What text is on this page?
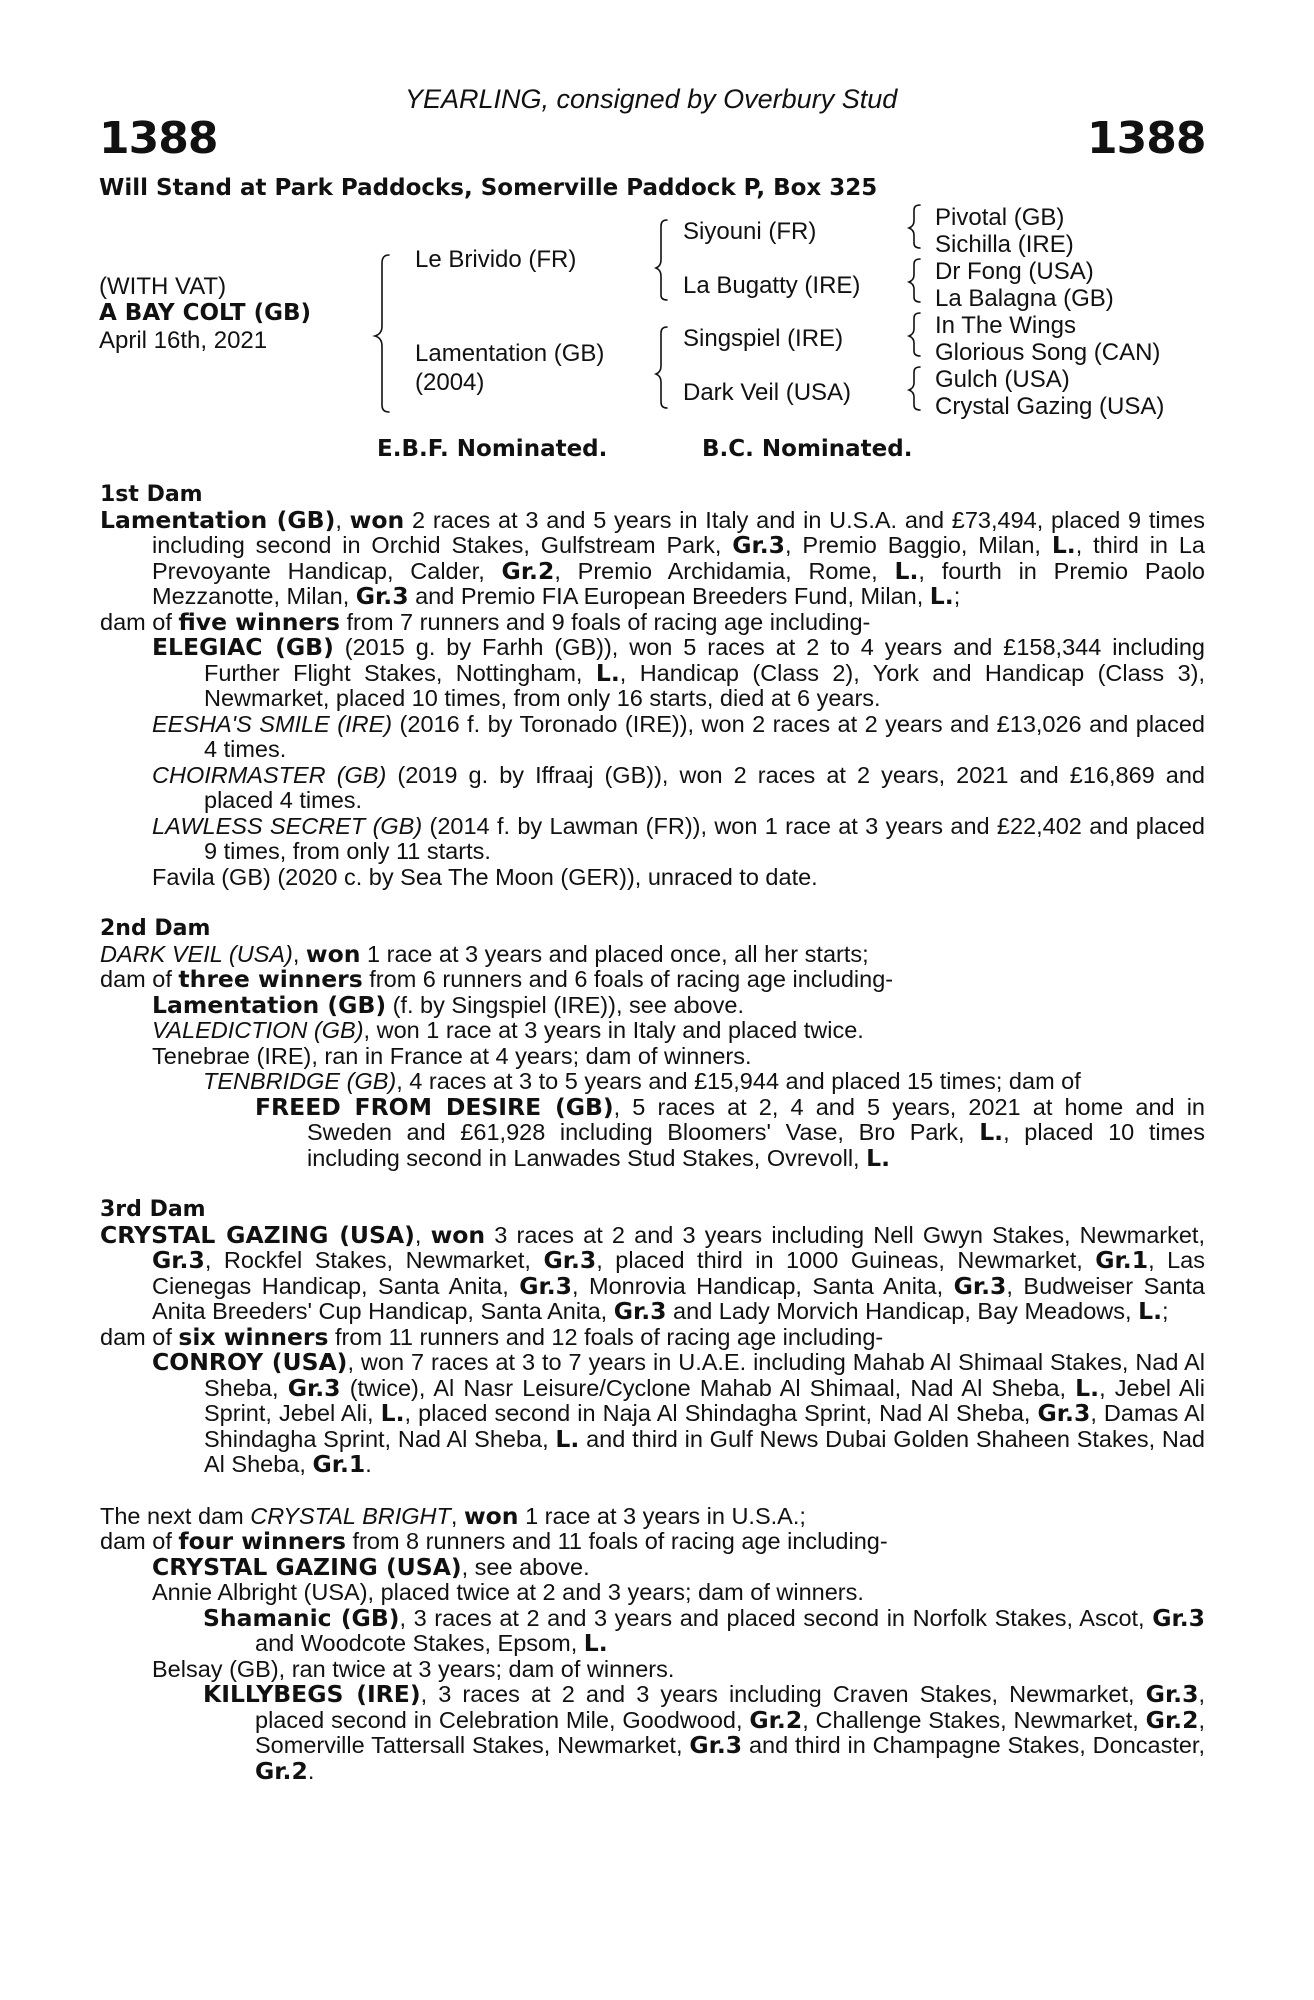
YEARLING, consigned by Overbury Stud
1388	1388
Will Stand at Park Paddocks, Somerville Paddock P, Box 325
(WITH VAT)
A BAY COLT (GB)
April 16th, 2021
Le Brivido (FR)
Lamentation (GB)
(2004)
Siyouni (FR)
La Bugatty (IRE)
Singspiel (IRE)
Dark Veil (USA)
Pivotal (GB)
Sichilla (IRE)
Dr Fong (USA)
La Balagna (GB)
In The Wings
Glorious Song (CAN)
Gulch (USA)
Crystal Gazing (USA)
E.B.F. Nominated.	B.C. Nominated.
1st Dam

Lamentation (GB), won 2 races at 3 and 5 years in Italy and in U.S.A. and £73,494, placed 9 times including second in Orchid Stakes, Gulfstream Park, Gr.3, Premio Baggio, Milan, L., third in La Prevoyante Handicap, Calder, Gr.2, Premio Archidamia, Rome, L., fourth in Premio Paolo Mezzanotte, Milan, Gr.3 and Premio FIA European Breeders Fund, Milan, L.;

dam of five winners from 7 runners and 9 foals of racing age including-

ELEGIAC (GB) (2015 g. by Farhh (GB)), won 5 races at 2 to 4 years and £158,344 including Further Flight Stakes, Nottingham, L., Handicap (Class 2), York and Handicap (Class 3), Newmarket, placed 10 times, from only 16 starts, died at 6 years.

EESHA'S SMILE (IRE) (2016 f. by Toronado (IRE)), won 2 races at 2 years and £13,026 and placed 4 times.

CHOIRMASTER (GB) (2019 g. by Iffraaj (GB)), won 2 races at 2 years, 2021 and £16,869 and placed 4 times.

LAWLESS SECRET (GB) (2014 f. by Lawman (FR)), won 1 race at 3 years and £22,402 and placed 9 times, from only 11 starts.

Favila (GB) (2020 c. by Sea The Moon (GER)), unraced to date.

2nd Dam

DARK VEIL (USA), won 1 race at 3 years and placed once, all her starts;

dam of three winners from 6 runners and 6 foals of racing age including-

Lamentation (GB) (f. by Singspiel (IRE)), see above.

VALEDICTION (GB), won 1 race at 3 years in Italy and placed twice.

Tenebrae (IRE), ran in France at 4 years; dam of winners.

TENBRIDGE (GB), 4 races at 3 to 5 years and £15,944 and placed 15 times; dam of

FREED FROM DESIRE (GB), 5 races at 2, 4 and 5 years, 2021 at home and in Sweden and £61,928 including Bloomers' Vase, Bro Park, L., placed 10 times including second in Lanwades Stud Stakes, Ovrevoll, L.

3rd Dam

CRYSTAL GAZING (USA), won 3 races at 2 and 3 years including Nell Gwyn Stakes, Newmarket, Gr.3, Rockfel Stakes, Newmarket, Gr.3, placed third in 1000 Guineas, Newmarket, Gr.1, Las Cienegas Handicap, Santa Anita, Gr.3, Monrovia Handicap, Santa Anita, Gr.3, Budweiser Santa Anita Breeders' Cup Handicap, Santa Anita, Gr.3 and Lady Morvich Handicap, Bay Meadows, L.;

dam of six winners from 11 runners and 12 foals of racing age including-

CONROY (USA), won 7 races at 3 to 7 years in U.A.E. including Mahab Al Shimaal Stakes, Nad Al Sheba, Gr.3 (twice), Al Nasr Leisure/Cyclone Mahab Al Shimaal, Nad Al Sheba, L., Jebel Ali Sprint, Jebel Ali, L., placed second in Naja Al Shindagha Sprint, Nad Al Sheba, Gr.3, Damas Al Shindagha Sprint, Nad Al Sheba, L. and third in Gulf News Dubai Golden Shaheen Stakes, Nad Al Sheba, Gr.1.

The next dam CRYSTAL BRIGHT, won 1 race at 3 years in U.S.A.;

dam of four winners from 8 runners and 11 foals of racing age including-

CRYSTAL GAZING (USA), see above.

Annie Albright (USA), placed twice at 2 and 3 years; dam of winners.

Shamanic (GB), 3 races at 2 and 3 years and placed second in Norfolk Stakes, Ascot, Gr.3 and Woodcote Stakes, Epsom, L.

Belsay (GB), ran twice at 3 years; dam of winners.

KILLYBEGS (IRE), 3 races at 2 and 3 years including Craven Stakes, Newmarket, Gr.3, placed second in Celebration Mile, Goodwood, Gr.2, Challenge Stakes, Newmarket, Gr.2, Somerville Tattersall Stakes, Newmarket, Gr.3 and third in Champagne Stakes, Doncaster, Gr.2.
